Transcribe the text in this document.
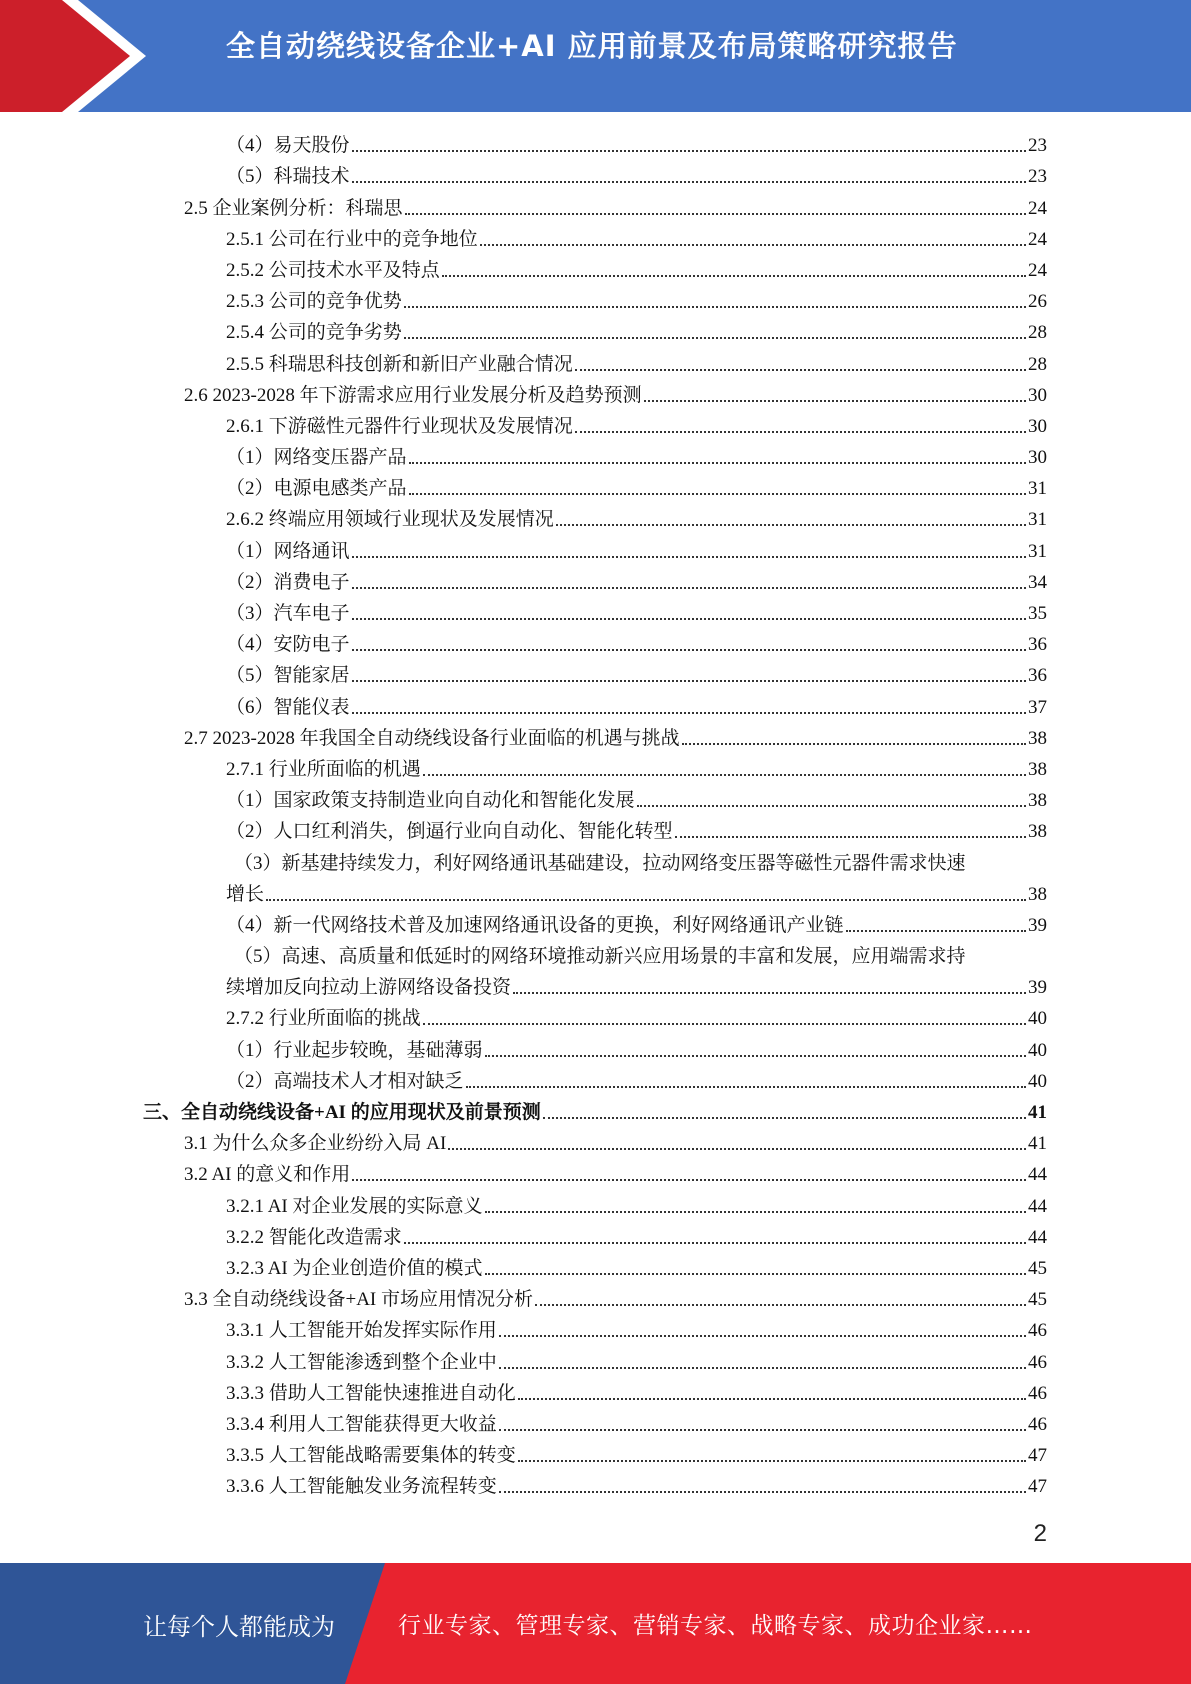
全自动绕线设备企业+AI 应用前景及布局策略研究报告
（4）易天股份	23
（5）科瑞技术	23
2.5 企业案例分析：科瑞思	24
2.5.1 公司在行业中的竞争地位	24
2.5.2 公司技术水平及特点	24
2.5.3 公司的竞争优势	26
2.5.4 公司的竞争劣势	28
2.5.5 科瑞思科技创新和新旧产业融合情况	28
2.6 2023-2028 年下游需求应用行业发展分析及趋势预测	30
2.6.1 下游磁性元器件行业现状及发展情况	30
（1）网络变压器产品	30
（2）电源电感类产品	31
2.6.2 终端应用领域行业现状及发展情况	31
（1）网络通讯	31
（2）消费电子	34
（3）汽车电子	35
（4）安防电子	36
（5）智能家居	36
（6）智能仪表	37
2.7 2023-2028 年我国全自动绕线设备行业面临的机遇与挑战	38
2.7.1 行业所面临的机遇	38
（1）国家政策支持制造业向自动化和智能化发展	38
（2）人口红利消失，倒逼行业向自动化、智能化转型	38
（3）新基建持续发力，利好网络通讯基础建设，拉动网络变压器等磁性元器件需求快速
增长	38
（4）新一代网络技术普及加速网络通讯设备的更换，利好网络通讯产业链	39
（5）高速、高质量和低延时的网络环境推动新兴应用场景的丰富和发展，应用端需求持
续增加反向拉动上游网络设备投资	39
2.7.2 行业所面临的挑战	40
（1）行业起步较晚，基础薄弱	40
（2）高端技术人才相对缺乏	40
三、全自动绕线设备+AI 的应用现状及前景预测	41
3.1 为什么众多企业纷纷入局 AI	41
3.2 AI 的意义和作用	44
3.2.1 AI 对企业发展的实际意义	44
3.2.2 智能化改造需求	44
3.2.3 AI 为企业创造价值的模式	45
3.3 全自动绕线设备+AI 市场应用情况分析	45
3.3.1 人工智能开始发挥实际作用	46
3.3.2 人工智能渗透到整个企业中	46
3.3.3 借助人工智能快速推进自动化	46
3.3.4 利用人工智能获得更大收益	46
3.3.5 人工智能战略需要集体的转变	47
3.3.6 人工智能触发业务流程转变	47
2
让每个人都能成为	行业专家、管理专家、营销专家、战略专家、成功企业家……
